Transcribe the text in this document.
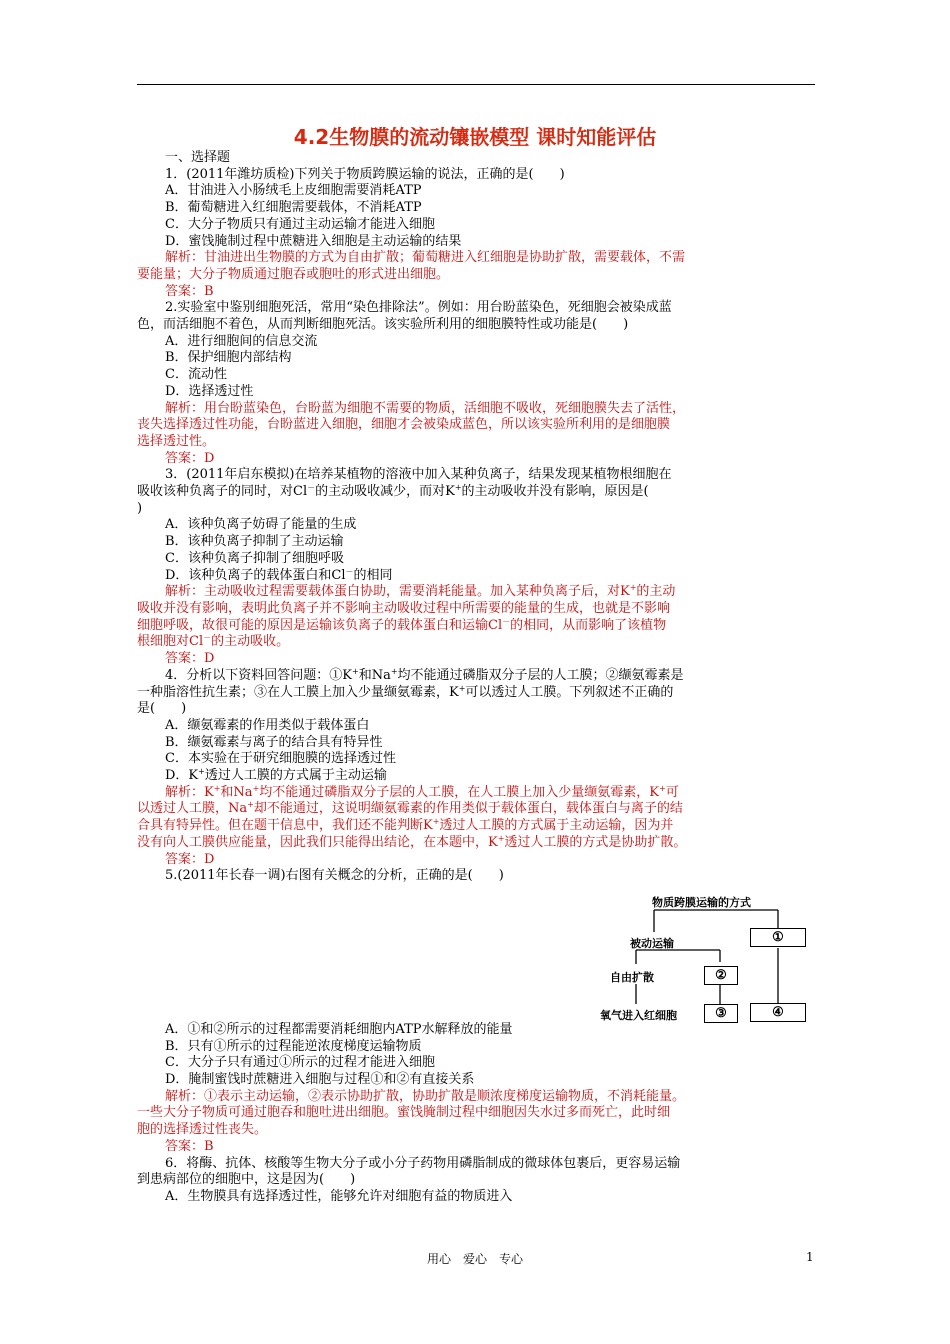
4.2生物膜的流动镶嵌模型 课时知能评估
一、选择题
1．(2011年潍坊质检)下列关于物质跨膜运输的说法，正确的是(　　)
A．甘油进入小肠绒毛上皮细胞需要消耗ATP
B．葡萄糖进入红细胞需要载体，不消耗ATP
C．大分子物质只有通过主动运输才能进入细胞
D．蜜饯腌制过程中蔗糖进入细胞是主动运输的结果
解析：甘油进出生物膜的方式为自由扩散；葡萄糖进入红细胞是协助扩散，需要载体，不需
要能量；大分子物质通过胞吞或胞吐的形式进出细胞。
答案：B
2.实验室中鉴别细胞死活，常用“染色排除法”。例如：用台盼蓝染色，死细胞会被染成蓝
色，而活细胞不着色，从而判断细胞死活。该实验所利用的细胞膜特性或功能是(　　)
A．进行细胞间的信息交流
B．保护细胞内部结构
C．流动性
D．选择透过性
解析：用台盼蓝染色，台盼蓝为细胞不需要的物质，活细胞不吸收，死细胞膜失去了活性，
丧失选择透过性功能，台盼蓝进入细胞，细胞才会被染成蓝色，所以该实验所利用的是细胞膜
选择透过性。
答案：D
3．(2011年启东模拟)在培养某植物的溶液中加入某种负离子，结果发现某植物根细胞在
吸收该种负离子的同时，对Cl－的主动吸收减少，而对K+的主动吸收并没有影响，原因是(
)
A．该种负离子妨碍了能量的生成
B．该种负离子抑制了主动运输
C．该种负离子抑制了细胞呼吸
D．该种负离子的载体蛋白和Cl－的相同
解析：主动吸收过程需要载体蛋白协助，需要消耗能量。加入某种负离子后，对K+的主动
吸收并没有影响，表明此负离子并不影响主动吸收过程中所需要的能量的生成，也就是不影响
细胞呼吸，故很可能的原因是运输该负离子的载体蛋白和运输Cl－的相同，从而影响了该植物
根细胞对Cl－的主动吸收。
答案：D
4．分析以下资料回答问题：①K+和Na+均不能通过磷脂双分子层的人工膜；②缬氨霉素是
一种脂溶性抗生素；③在人工膜上加入少量缬氨霉素，K+可以透过人工膜。下列叙述不正确的
是(　　)
A．缬氨霉素的作用类似于载体蛋白
B．缬氨霉素与离子的结合具有特异性
C．本实验在于研究细胞膜的选择透过性
D．K+透过人工膜的方式属于主动运输
解析：K+和Na+均不能通过磷脂双分子层的人工膜，在人工膜上加入少量缬氨霉素，K+可
以透过人工膜，Na+却不能通过，这说明缬氨霉素的作用类似于载体蛋白，载体蛋白与离子的结
合具有特异性。但在题干信息中，我们还不能判断K+透过人工膜的方式属于主动运输，因为并
没有向人工膜供应能量，因此我们只能得出结论，在本题中，K+透过人工膜的方式是协助扩散。
答案：D
5.(2011年长春一调)右图有关概念的分析，正确的是(　　)
A．①和②所示的过程都需要消耗细胞内ATP水解释放的能量
B．只有①所示的过程能逆浓度梯度运输物质
C．大分子只有通过①所示的过程才能进入细胞
D．腌制蜜饯时蔗糖进入细胞与过程①和②有直接关系
解析：①表示主动运输，②表示协助扩散，协助扩散是顺浓度梯度运输物质，不消耗能量。
一些大分子物质可通过胞吞和胞吐进出细胞。蜜饯腌制过程中细胞因失水过多而死亡，此时细
胞的选择透过性丧失。
答案：B
6．将酶、抗体、核酸等生物大分子或小分子药物用磷脂制成的微球体包裹后，更容易运输
到患病部位的细胞中，这是因为(　　)
A．生物膜具有选择透过性，能够允许对细胞有益的物质进入
物质跨膜运输的方式
被动运输
自由扩散
氧气进入红细胞
①
②
③	④
用心　爱心　专心	1
